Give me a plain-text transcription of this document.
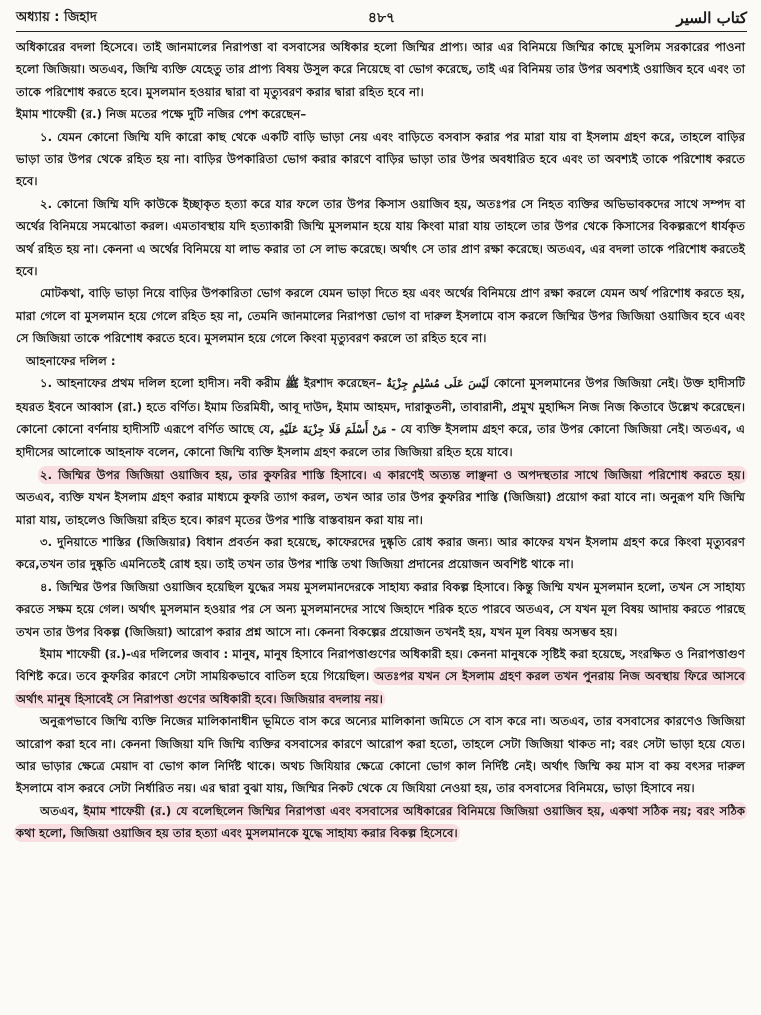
অধ্যায় : জিহাদ	৪৮৭	كتاب السير

অধিকারের বদলা হিসেবে। তাই জানমালের নিরাপত্তা বা বসবাসের অধিকার হলো জিম্মির প্রাপ্য। আর এর বিনিময়ে জিম্মির কাছে মুসলিম সরকারের পাওনা হলো জিজিয়া। অতএব, জিম্মি ব্যক্তি যেহেতু তার প্রাপ্য বিষয় উসুল করে নিয়েছে বা ভোগ করেছে, তাই এর বিনিময় তার উপর অবশ্যই ওয়াজিব হবে এবং তা তাকে পরিশোধ করতে হবে। মুসলমান হওয়ার দ্বারা বা মৃত্যুবরণ করার দ্বারা রহিত হবে না।

ইমাম শাফেয়ী (র.) নিজ মতের পক্ষে দুটি নজির পেশ করেছেন–

১. যেমন কোনো জিম্মি যদি কারো কাছ থেকে একটি বাড়ি ভাড়া নেয় এবং বাড়িতে বসবাস করার পর মারা যায় বা ইসলাম গ্রহণ করে, তাহলে বাড়ির ভাড়া তার উপর থেকে রহিত হয় না। বাড়ির উপকারিতা ভোগ করার কারণে বাড়ির ভাড়া তার উপর অবধারিত হবে এবং তা অবশ্যই তাকে পরিশোধ করতে হবে।

২. কোনো জিম্মি যদি কাউকে ইচ্ছাকৃত হত্যা করে যার ফলে তার উপর কিসাস ওয়াজিব হয়, অতঃপর সে নিহত ব্যক্তির অভিভাবকদের সাথে সম্পদ বা অর্থের বিনিময়ে সমঝোতা করল। এমতাবস্থায় যদি হত্যাকারী জিম্মি মুসলমান হয়ে যায় কিংবা মারা যায় তাহলে তার উপর থেকে কিসাসের বিকল্পরূপে ধার্যকৃত অর্থ রহিত হয় না। কেননা এ অর্থের বিনিময়ে যা লাভ করার তা সে লাভ করেছে। অর্থাৎ সে তার প্রাণ রক্ষা করেছে। অতএব, এর বদলা তাকে পরিশোধ করতেই হবে।

মোটকথা, বাড়ি ভাড়া নিয়ে বাড়ির উপকারিতা ভোগ করলে যেমন ভাড়া দিতে হয় এবং অর্থের বিনিময়ে প্রাণ রক্ষা করলে যেমন অর্থ পরিশোধ করতে হয়, মারা গেলে বা মুসলমান হয়ে গেলে রহিত হয় না, তেমনি জানমালের নিরাপত্তা ভোগ বা দারুল ইসলামে বাস করলে জিম্মির উপর জিজিয়া ওয়াজিব হবে এবং সে জিজিয়া তাকে পরিশোধ করতে হবে। মুসলমান হয়ে গেলে কিংবা মৃত্যুবরণ করলে তা রহিত হবে না।

আহনাফের দলিল :

১. আহনাফের প্রথম দলিল হলো হাদীস। নবী করীম ﷺ ইরশাদ করেছেন– لَيْسَ عَلَى مُسْلِمٍ جِزْيَةٌ কোনো মুসলমানের উপর জিজিয়া নেই। উক্ত হাদীসটি হযরত ইবনে আব্বাস (রা.) হতে বর্ণিত। ইমাম তিরমিযী, আবূ দাউদ, ইমাম আহমদ, দারাকুতনী, তাবারানী, প্রমুখ মুহাদ্দিস নিজ নিজ কিতাবে উল্লেখ করেছেন। কোনো কোনো বর্ণনায় হাদীসটি এরূপে বর্ণিত আছে যে, مَنْ أَسْلَمَ فَلَا جِزْيَةَ عَلَيْهِ - যে ব্যক্তি ইসলাম গ্রহণ করে, তার উপর কোনো জিজিয়া নেই। অতএব, এ হাদীসের আলোকে আহনাফ বলেন, কোনো জিম্মি ব্যক্তি ইসলাম গ্রহণ করলে তার জিজিয়া রহিত হয়ে যাবে।

২. জিম্মির উপর জিজিয়া ওয়াজিব হয়, তার কুফরির শাস্তি হিসাবে। এ কারণেই অত্যন্ত লাঞ্ছনা ও অপদস্থতার সাথে জিজিয়া পরিশোধ করতে হয়। অতএব, ব্যক্তি যখন ইসলাম গ্রহণ করার মাধ্যমে কুফরি ত্যাগ করল, তখন আর তার উপর কুফরির শাস্তি (জিজিয়া) প্রয়োগ করা যাবে না। অনুরূপ যদি জিম্মি মারা যায়, তাহলেও জিজিয়া রহিত হবে। কারণ মৃতের উপর শাস্তি বাস্তবায়ন করা যায় না।

৩. দুনিয়াতে শাস্তির (জিজিয়ার) বিধান প্রবর্তন করা হয়েছে, কাফেরদের দুষ্কৃতি রোধ করার জন্য। আর কাফের যখন ইসলাম গ্রহণ করে কিংবা মৃত্যুবরণ করে,তখন তার দুষ্কৃতি এমনিতেই রোধ হয়। তাই তখন তার উপর শাস্তি তথা জিজিয়া প্রদানের প্রয়োজন অবশিষ্ট থাকে না।

৪. জিম্মির উপর জিজিয়া ওয়াজিব হয়েছিল যুদ্ধের সময় মুসলমানদেরকে সাহায্য করার বিকল্প হিসাবে। কিন্তু জিম্মি যখন মুসলমান হলো, তখন সে সাহায্য করতে সক্ষম হয়ে গেল। অর্থাৎ মুসলমান হওয়ার পর সে অন্য মুসলমানদের সাথে জিহাদে শরিক হতে পারবে অতএব, সে যখন মূল বিষয় আদায় করতে পারছে তখন তার উপর বিকল্প (জিজিয়া) আরোপ করার প্রশ্ন আসে না। কেননা বিকল্পের প্রয়োজন তখনই হয়, যখন মূল বিষয় অসম্ভব হয়।

ইমাম শাফেয়ী (র.)-এর দলিলের জবাব : মানুষ, মানুষ হিসাবে নিরাপত্তাগুণের অধিকারী হয়। কেননা মানুষকে সৃষ্টিই করা হয়েছে, সংরক্ষিত ও নিরাপত্তাগুণ বিশিষ্ট করে। তবে কুফরির কারণে সেটা সাময়িকভাবে বাতিল হয়ে গিয়েছিল। অতঃপর যখন সে ইসলাম গ্রহণ করল তখন পুনরায় নিজ অবস্থায় ফিরে আসবে অর্থাৎ মানুষ হিসাবেই সে নিরাপত্তা গুণের অধিকারী হবে। জিজিয়ার বদলায় নয়।

অনুরূপভাবে জিম্মি ব্যক্তি নিজের মালিকানাধীন ভূমিতে বাস করে অন্যের মালিকানা জমিতে সে বাস করে না। অতএব, তার বসবাসের কারণেও জিজিয়া আরোপ করা হবে না। কেননা জিজিয়া যদি জিম্মি ব্যক্তির বসবাসের কারণে আরোপ করা হতো, তাহলে সেটা জিজিয়া থাকত না; বরং সেটা ভাড়া হয়ে যেত। আর ভাড়ার ক্ষেত্রে মেয়াদ বা ভোগ কাল নির্দিষ্ট থাকে। অথচ জিযিয়ার ক্ষেত্রে কোনো ভোগ কাল নির্দিষ্ট নেই। অর্থাৎ জিম্মি কয় মাস বা কয় বৎসর দারুল ইসলামে বাস করবে সেটা নির্ধারিত নয়। এর দ্বারা বুঝা যায়, জিম্মির নিকট থেকে যে জিযিয়া নেওয়া হয়, তার বসবাসের বিনিময়ে, ভাড়া হিসাবে নয়।

অতএব, ইমাম শাফেয়ী (র.) যে বলেছিলেন জিম্মির নিরাপত্তা এবং বসবাসের অধিকারের বিনিময়ে জিজিয়া ওয়াজিব হয়, একথা সঠিক নয়; বরং সঠিক কথা হলো, জিজিয়া ওয়াজিব হয় তার হত্যা এবং মুসলমানকে যুদ্ধে সাহায্য করার বিকল্প হিসেবে।
